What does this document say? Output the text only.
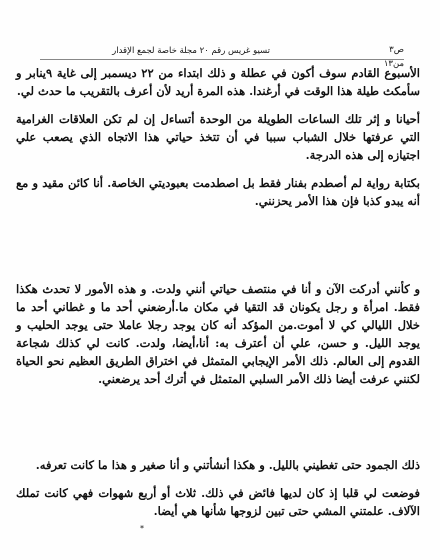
تسيو غريس رقم ٢٠ مجلة خاصة لجمع الإقدار	ص٣ من١٣

الأسبوع القادم سوف أكون في عطلة و ذلك ابتداء من ٢٢ ديسمبر إلى غاية ٩ينابر و سأمكث طيلة هذا الوقت في أرغندا. هذه المرة أريد لأن أعرف بالتقريب ما حدث لي.

أحيانا و إثر تلك الساعات الطويلة من الوحدة أتساءل إن لم تكن العلاقات الغرامية التي عرفتها خلال الشباب سببا في أن تتخذ حياتي هذا الاتجاه الذي يصعب علي اجتيازه إلى هذه الدرجة.

بكتابة رواية لم أصطدم بفنار فقط بل اصطدمت بعبوديتي الخاصة. أنا كائن مقيد و مع أنه يبدو كذبا فإن هذا الأمر يحزنني.

و كأنني أدركت الآن و أنا في منتصف حياتي أنني ولدت. و هذه الأمور لا تحدث هكذا فقط. امرأة و رجل يكونان قد التقيا في مكان ما.أرضعني أحد ما و غطاني أحد ما خلال الليالي كي لا أموت.من المؤكد أنه كان يوجد رجلا عاملا حتى يوجد الحليب و يوجد الليل. و حسن، علي أن أعترف به: أنا،أيضا، ولدت. كانت لي كذلك شجاعة القدوم إلى العالم. ذلك الأمر الإيجابي المتمثل في اختراق الطريق العظيم نحو الحياة لكنني عرفت أيضا ذلك الأمر السلبي المتمثل في أترك أحد يرضعني.

ذلك الجمود حتى تغطيني بالليل. و هكذا أنشأتني و أنا صغير و هذا ما كانت تعرفه.

فوضعت لي قلبا إذ كان لديها فائض في ذلك. ثلاث أو أربع شهوات فهي كانت تملك الآلاف. علمتني المشي حتى تبين لزوجها شأنها هي أيضا.

*
